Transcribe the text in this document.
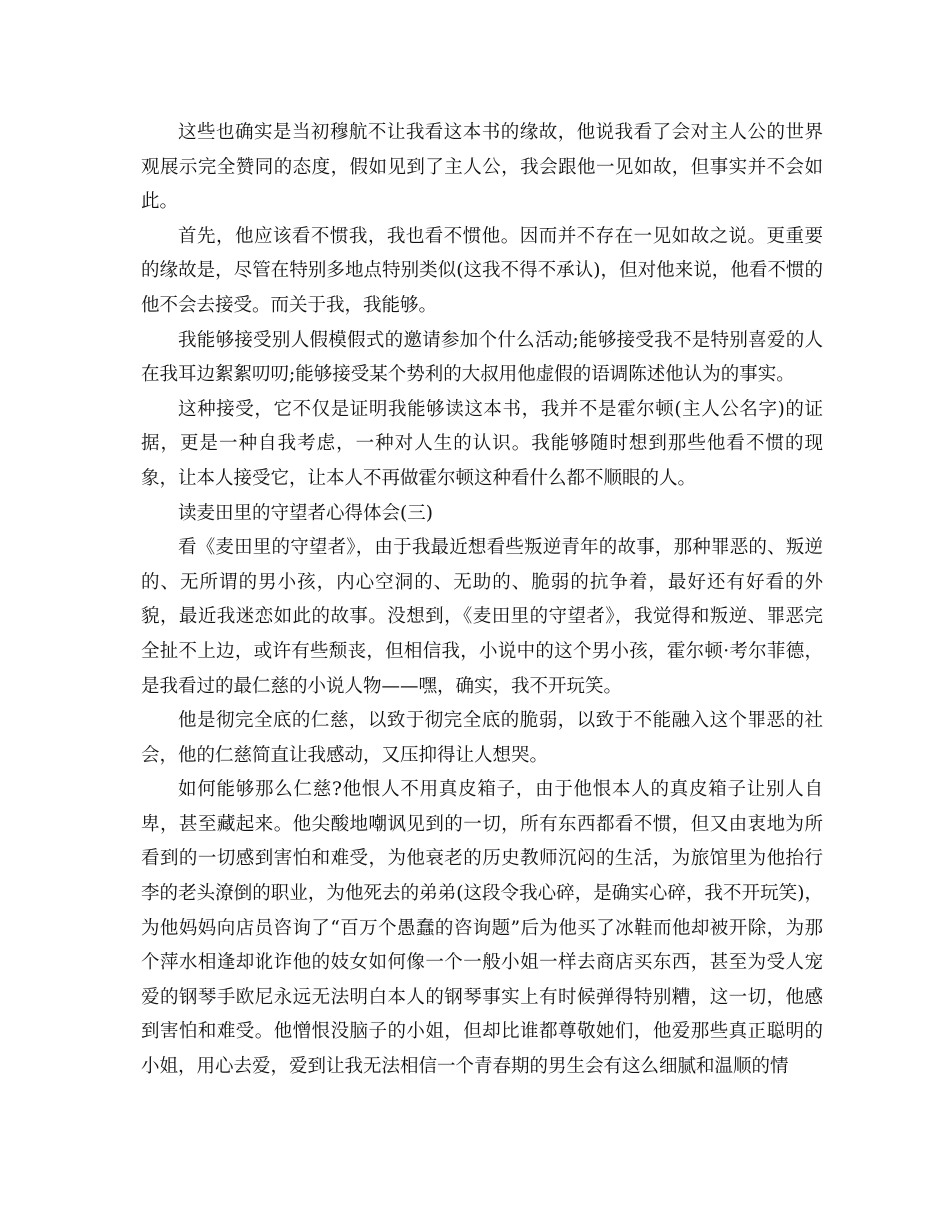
这些也确实是当初穆航不让我看这本书的缘故，他说我看了会对主人公的世界观展示完全赞同的态度，假如见到了主人公，我会跟他一见如故，但事实并不会如此。

首先，他应该看不惯我，我也看不惯他。因而并不存在一见如故之说。更重要的缘故是，尽管在特别多地点特别类似(这我不得不承认)，但对他来说，他看不惯的他不会去接受。而关于我，我能够。

我能够接受别人假模假式的邀请参加个什么活动;能够接受我不是特别喜爱的人在我耳边絮絮叨叨;能够接受某个势利的大叔用他虚假的语调陈述他认为的事实。

这种接受，它不仅是证明我能够读这本书，我并不是霍尔顿(主人公名字)的证据，更是一种自我考虑，一种对人生的认识。我能够随时想到那些他看不惯的现象，让本人接受它，让本人不再做霍尔顿这种看什么都不顺眼的人。

读麦田里的守望者心得体会(三)

看《麦田里的守望者》，由于我最近想看些叛逆青年的故事，那种罪恶的、叛逆的、无所谓的男小孩，内心空洞的、无助的、脆弱的抗争着，最好还有好看的外貌，最近我迷恋如此的故事。没想到，《麦田里的守望者》，我觉得和叛逆、罪恶完全扯不上边，或许有些颓丧，但相信我，小说中的这个男小孩，霍尔顿·考尔菲德，是我看过的最仁慈的小说人物——嘿，确实，我不开玩笑。

他是彻完全底的仁慈，以致于彻完全底的脆弱，以致于不能融入这个罪恶的社会，他的仁慈简直让我感动，又压抑得让人想哭。

如何能够那么仁慈?他恨人不用真皮箱子，由于他恨本人的真皮箱子让别人自卑，甚至藏起来。他尖酸地嘲讽见到的一切，所有东西都看不惯，但又由衷地为所看到的一切感到害怕和难受，为他衰老的历史教师沉闷的生活，为旅馆里为他抬行李的老头潦倒的职业，为他死去的弟弟(这段令我心碎，是确实心碎，我不开玩笑)，为他妈妈向店员咨询了“百万个愚蠢的咨询题”后为他买了冰鞋而他却被开除，为那个萍水相逢却讹诈他的妓女如何像一个一般小姐一样去商店买东西，甚至为受人宠爱的钢琴手欧尼永远无法明白本人的钢琴事实上有时候弹得特别糟，这一切，他感到害怕和难受。他憎恨没脑子的小姐，但却比谁都尊敬她们，他爱那些真正聪明的小姐，用心去爱，爱到让我无法相信一个青春期的男生会有这么细腻和温顺的情
